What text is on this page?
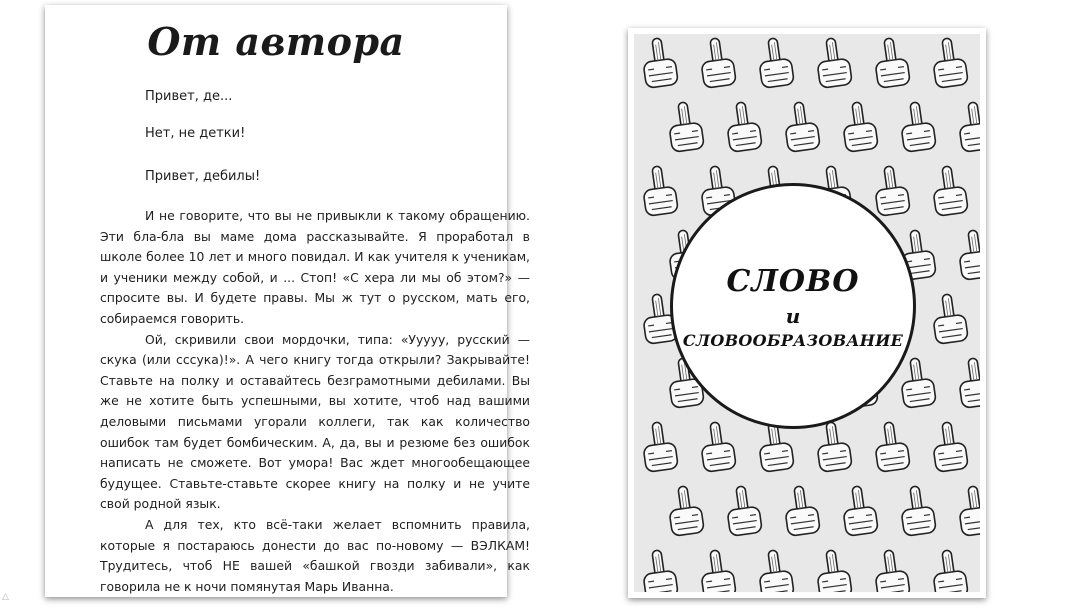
От автора
Привет, де...
Нет, не детки!
Привет, дебилы!

И не говорите, что вы не привыкли к такому обращению. Эти бла-бла вы маме дома рассказывайте. Я проработал в школе более 10 лет и много повидал. И как учителя к ученикам, и ученики между собой, и ... Стоп! «С хера ли мы об этом?» — спросите вы. И будете правы. Мы ж тут о русском, мать его, собираемся говорить.

Ой, скривили свои мордочки, типа: «Ууууу, русский — скука (или сссука)!». А чего книгу тогда открыли? Закрывайте! Ставьте на полку и оставайтесь безграмотными дебилами. Вы же не хотите быть успешными, вы хотите, чтоб над вашими деловыми письмами угорали коллеги, так как количество ошибок там будет бомбическим. А, да, вы и резюме без ошибок написать не сможете. Вот умора! Вас ждет многообещающее будущее. Ставьте-ставьте скорее книгу на полку и не учите свой родной язык.

А для тех, кто всё-таки желает вспомнить правила, которые я постараюсь донести до вас по-новому — ВЭЛКАМ! Трудитесь, чтоб НЕ вашей «башкой гвозди забивали», как говорила не к ночи помянутая Марь Иванна.

СЛОВО
и
СЛОВООБРАЗОВАНИЕ
△
